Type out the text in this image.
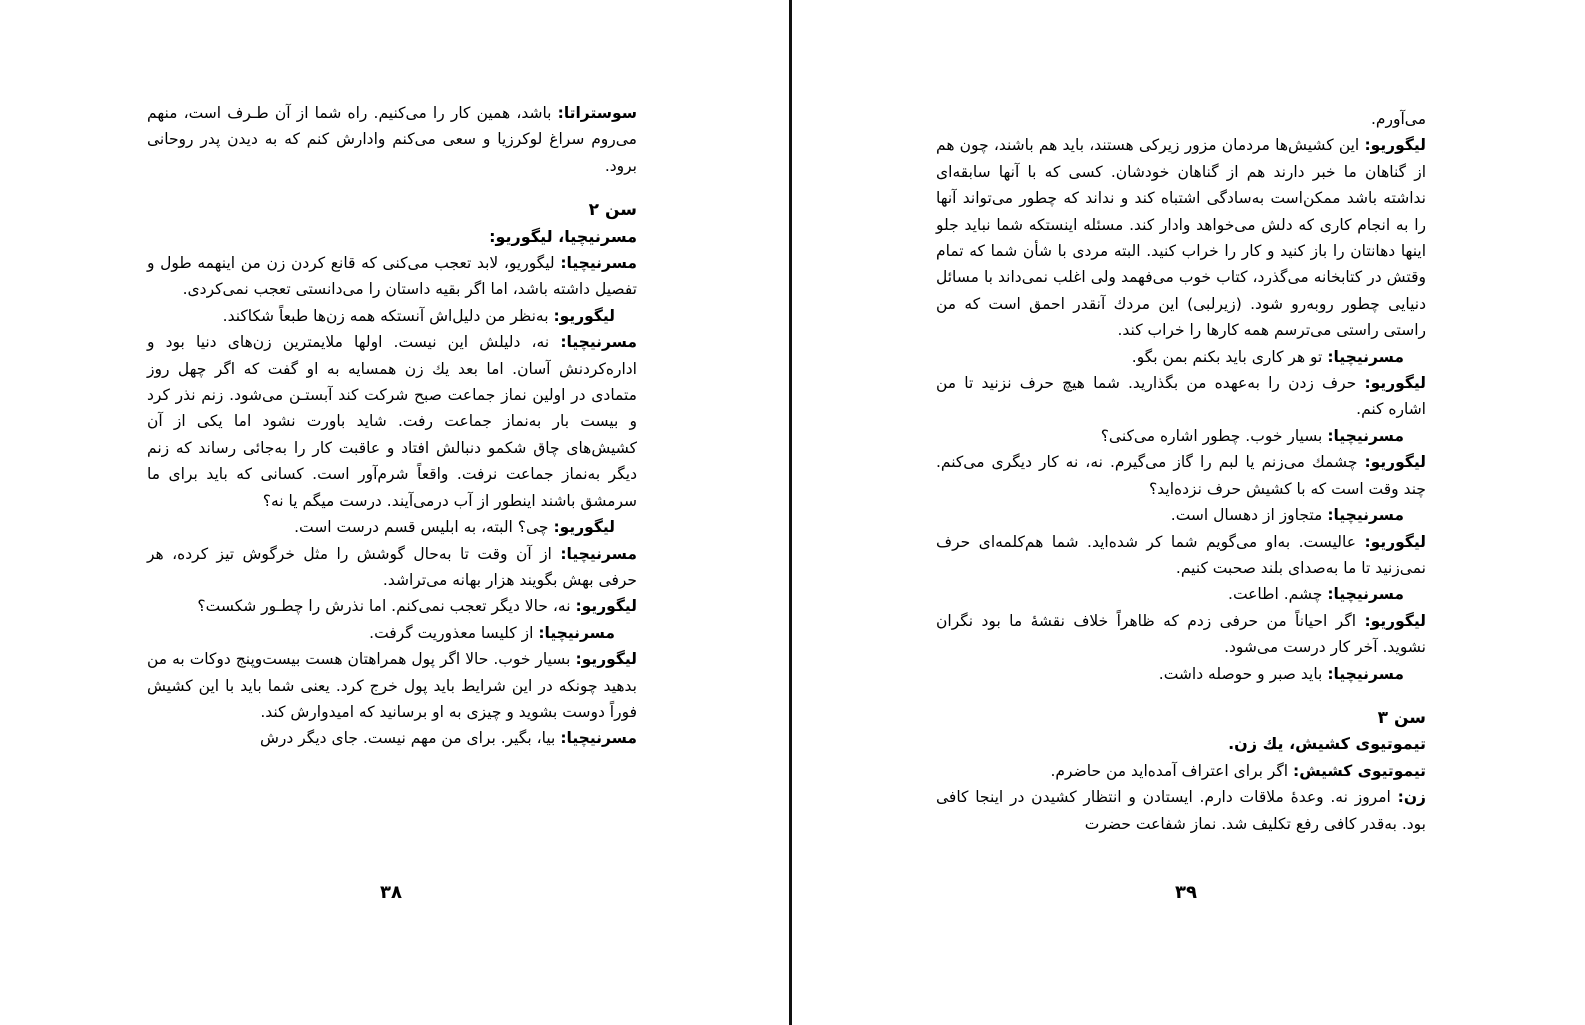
سوستراتا: باشد، همین کار را می‌کنیم. راه شما از آن طـرف است، منهم می‌روم سراغ لوکرزیا و سعی می‌کنم وادارش کنم که به دیدن پدر روحانی برود.

سن ۲

مسرنیچیا، لیگوریو:

مسرنیچیا: لیگوریو، لابد تعجب می‌کنی که قانع کردن زن من اینهمه طول و تفصیل داشته باشد، اما اگر بقیه داستان را می‌دانستی تعجب نمی‌کردی.

لیگوریو: به‌نظر من دلیل‌اش آنستکه همه زن‌ها طبعاً شکاکند.

مسرنیچیا: نه، دلیلش این نیست. اولها ملایمترین زن‌های دنیا بود و اداره‌کردنش آسان. اما بعد یك زن همسایه به او گفت که اگر چهل روز متمادی در اولین نماز جماعت صبح شرکت کند آبستـن می‌شود. زنم نذر کرد و بیست بار به‌نماز جماعت رفت. شاید باورت نشود اما یکی از آن کشیش‌های چاق شکمو دنبالش افتاد و عاقبت کار را به‌جائی رساند که زنم دیگر به‌نماز جماعت نرفت. واقعاً شرم‌آور است. کسانی که باید برای ما سرمشق باشند اینطور از آب درمی‌آیند. درست میگم یا نه؟

لیگوریو: چی؟ البته، به ابلیس قسم درست است.

مسرنیچیا: از آن وقت تا به‌حال گوشش را مثل خرگوش تیز کرده، هر حرفی بهش بگویند هزار بهانه می‌تراشد.

لیگوریو: نه، حالا دیگر تعجب نمی‌کنم. اما نذرش را چطـور شکست؟

مسرنیچیا: از کلیسا معذوریت گرفت.

لیگوریو: بسیار خوب. حالا اگر پول همراهتان هست بیست‌وپنج دوکات به من بدهید چونکه در این شرایط باید پول خرج کرد. یعنی شما باید با این کشیش فوراً دوست بشوید و چیزی به او برسانید که امیدوارش کند.

مسرنیچیا: بیا، بگیر. برای من مهم نیست. جای دیگر درش

۳۸

می‌آورم.

لیگوریو: این کشیش‌ها مردمان مزور زیرکی هستند، باید هم باشند، چون هم از گناهان ما خبر دارند هم از گناهان خودشان. کسی که با آنها سابقه‌ای نداشته باشد ممکن‌است به‌سادگی اشتباه کند و نداند که چطور می‌تواند آنها را به انجام کاری که دلش می‌خواهد وادار کند. مسئله اینستکه شما نباید جلو اینها دهانتان را باز کنید و کار را خراب کنید. البته مردی با شأن شما که تمام وقتش در کتابخانه می‌گذرد، کتاب خوب می‌فهمد ولی اغلب نمی‌داند با مسائل دنیایی چطور روبه‌رو شود. (زیرلبی) این مردك آنقدر احمق است که من راستی راستی می‌ترسم همه کارها را خراب کند.

مسرنیچیا: تو هر کاری باید بکنم بمن بگو.

لیگوریو: حرف زدن را به‌عهده من بگذارید. شما هیچ حرف نزنید تا من اشاره کنم.

مسرنیچیا: بسیار خوب. چطور اشاره می‌کنی؟

لیگوریو: چشمك می‌زنم یا لبم را گاز می‌گیرم. نه، نه کار دیگری می‌کنم. چند وقت است که با کشیش حرف نزده‌اید؟

مسرنیچیا: متجاوز از دهسال است.

لیگوریو: عالیست. به‌او می‌گویم شما کر شده‌اید. شما هم‌کلمه‌ای حرف نمی‌زنید تا ما به‌صدای بلند صحبت کنیم.

مسرنیچیا: چشم. اطاعت.

لیگوریو: اگر احیاناً من حرفی زدم که ظاهراً خلاف نقشهٔ ما بود نگران نشوید. آخر کار درست می‌شود.

مسرنیچیا: باید صبر و حوصله داشت.

سن ۳

تیموتیوی کشیش، یك زن.

تیموتیوی کشیش: اگر برای اعتراف آمده‌اید من حاضرم.

زن: امروز نه. وعدهٔ ملاقات دارم. ایستادن و انتظار کشیدن در اینجا کافی بود. به‌قدر کافی رفع تکلیف شد. نماز شفاعت حضرت

۳۹
